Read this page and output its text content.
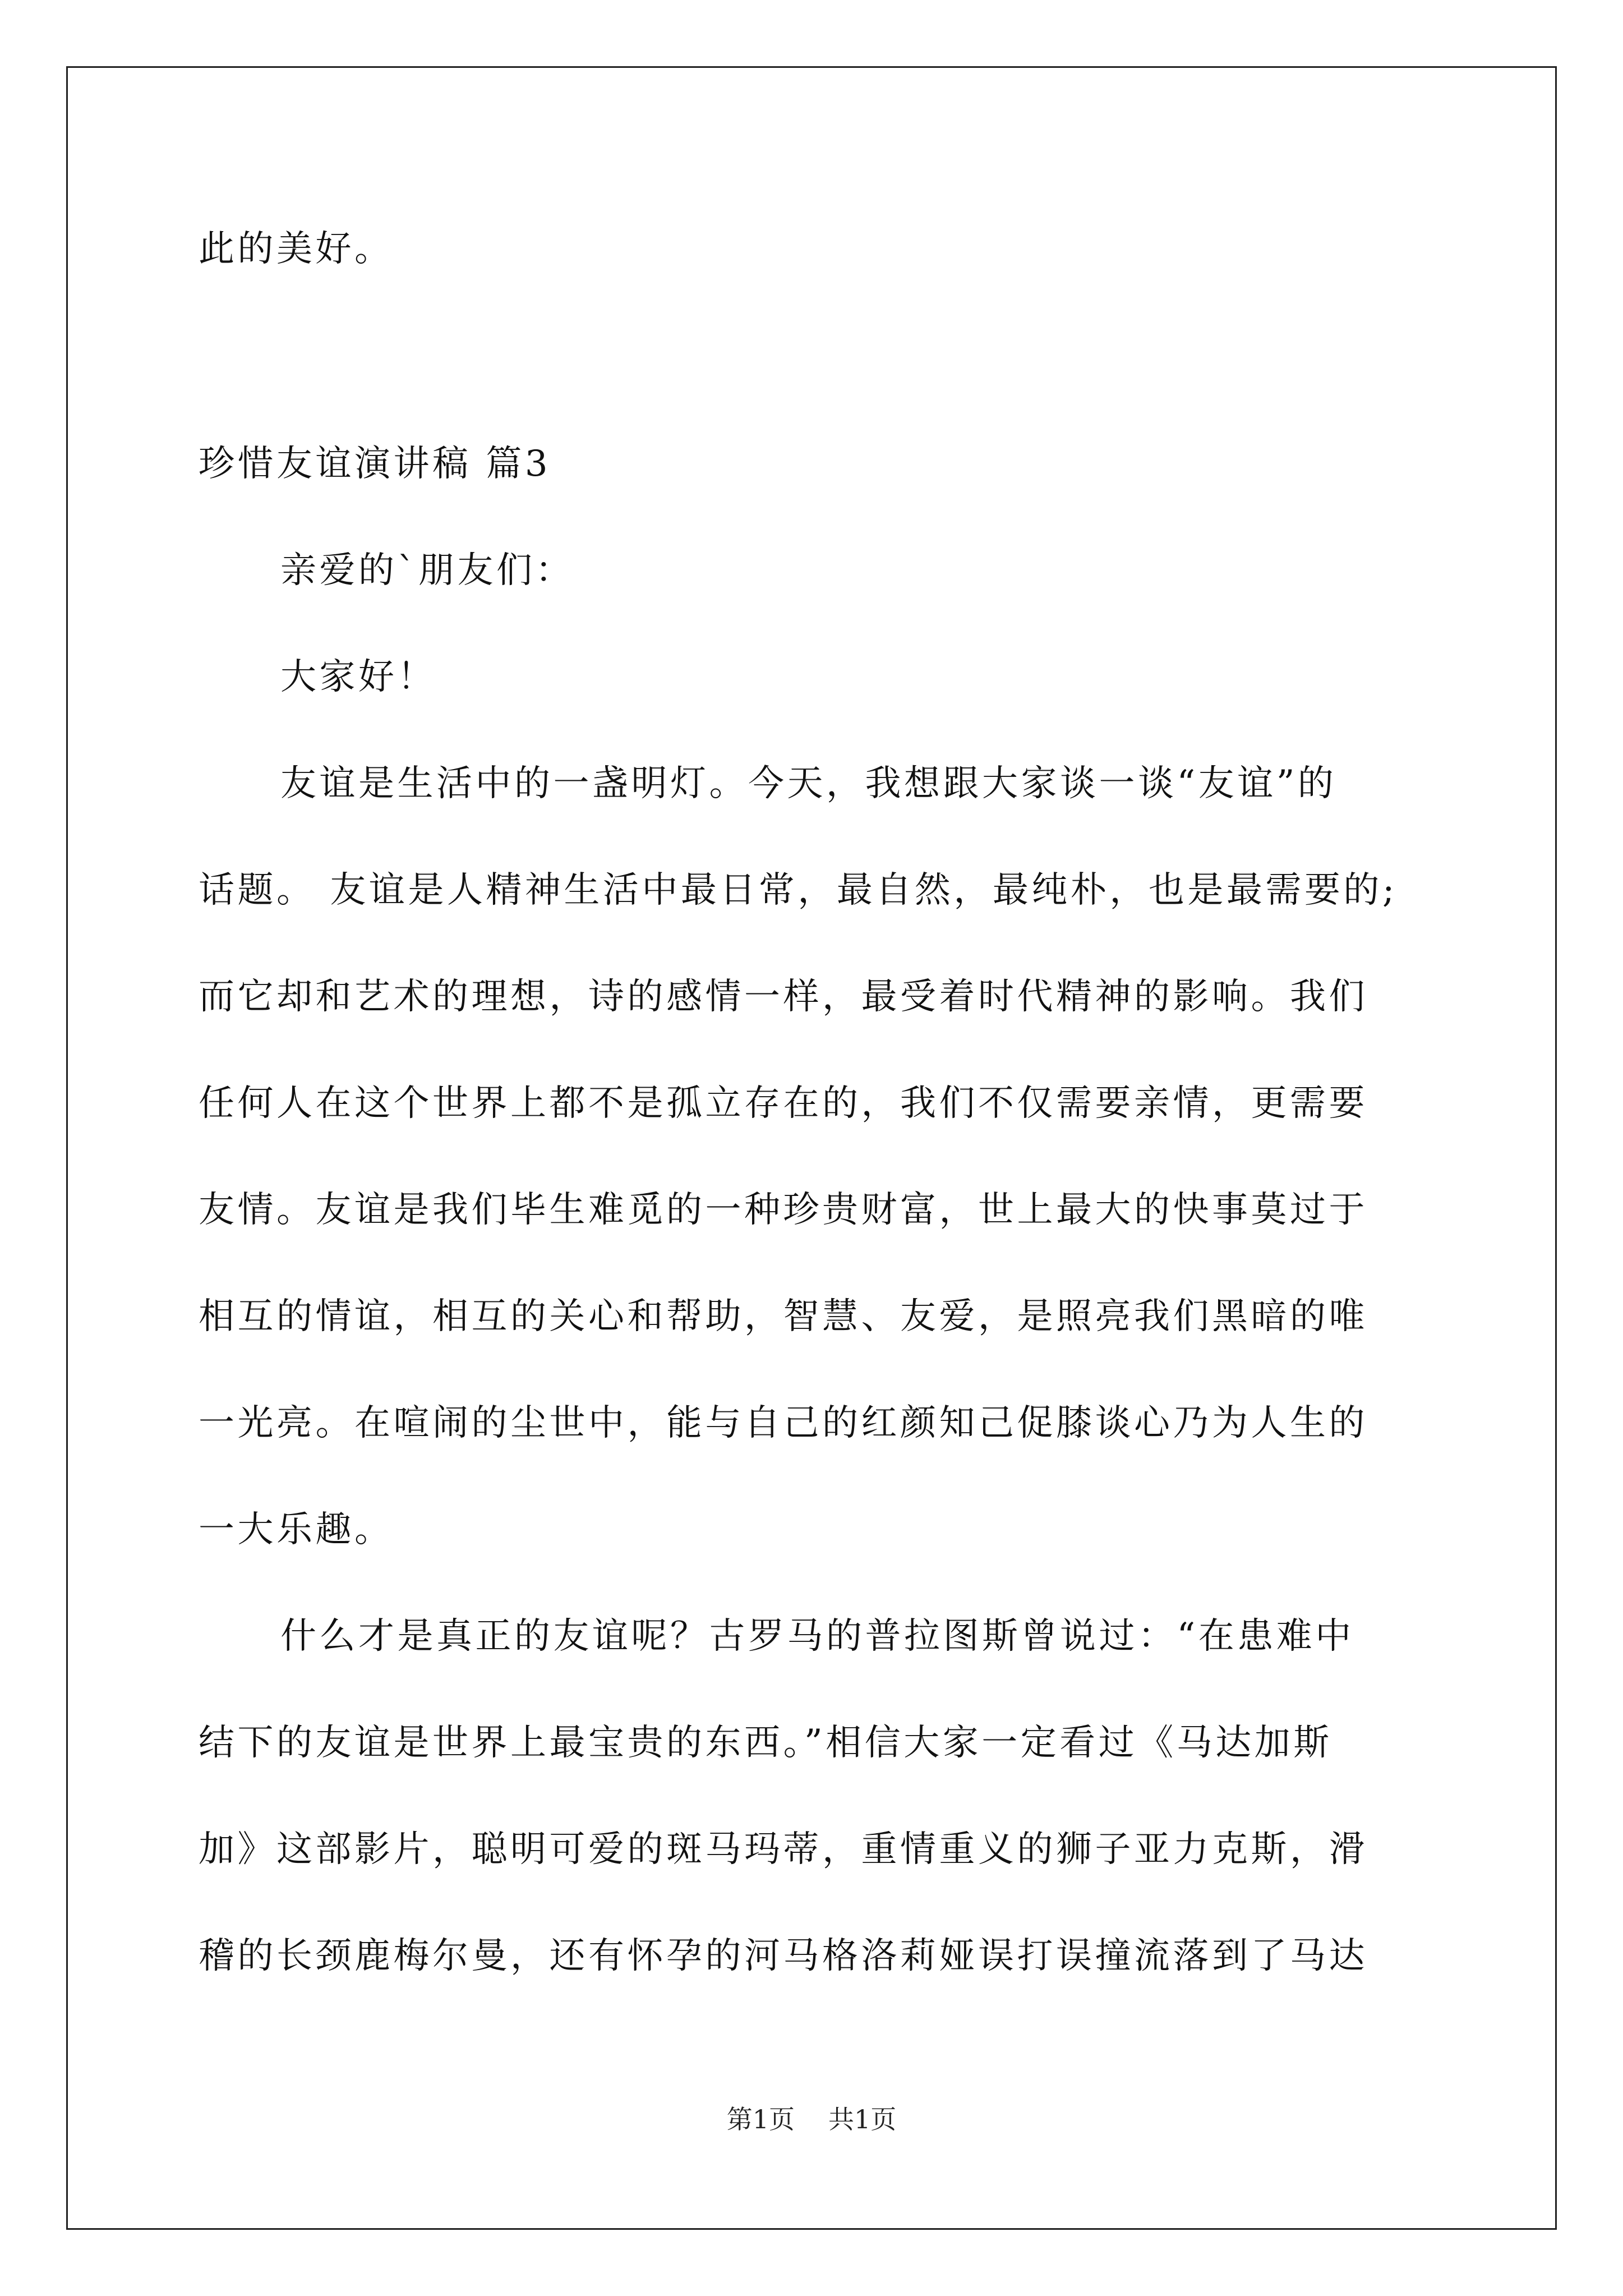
此的美好。
珍惜友谊演讲稿 篇3
亲爱的`朋友们：
大家好！
友谊是生活中的一盏明灯。今天，我想跟大家谈一谈“友谊”的
话题。 友谊是人精神生活中最日常，最自然，最纯朴，也是最需要的;
而它却和艺术的理想，诗的感情一样，最受着时代精神的影响。我们
任何人在这个世界上都不是孤立存在的，我们不仅需要亲情，更需要
友情。友谊是我们毕生难觅的一种珍贵财富，世上最大的快事莫过于
相互的情谊，相互的关心和帮助，智慧、友爱，是照亮我们黑暗的唯
一光亮。在喧闹的尘世中，能与自己的红颜知己促膝谈心乃为人生的
一大乐趣。
什么才是真正的友谊呢？古罗马的普拉图斯曾说过：“在患难中
结下的友谊是世界上最宝贵的东西。”相信大家一定看过《马达加斯
加》这部影片，聪明可爱的斑马玛蒂，重情重义的狮子亚力克斯，滑
稽的长颈鹿梅尔曼，还有怀孕的河马格洛莉娅误打误撞流落到了马达
第1页 共1页
